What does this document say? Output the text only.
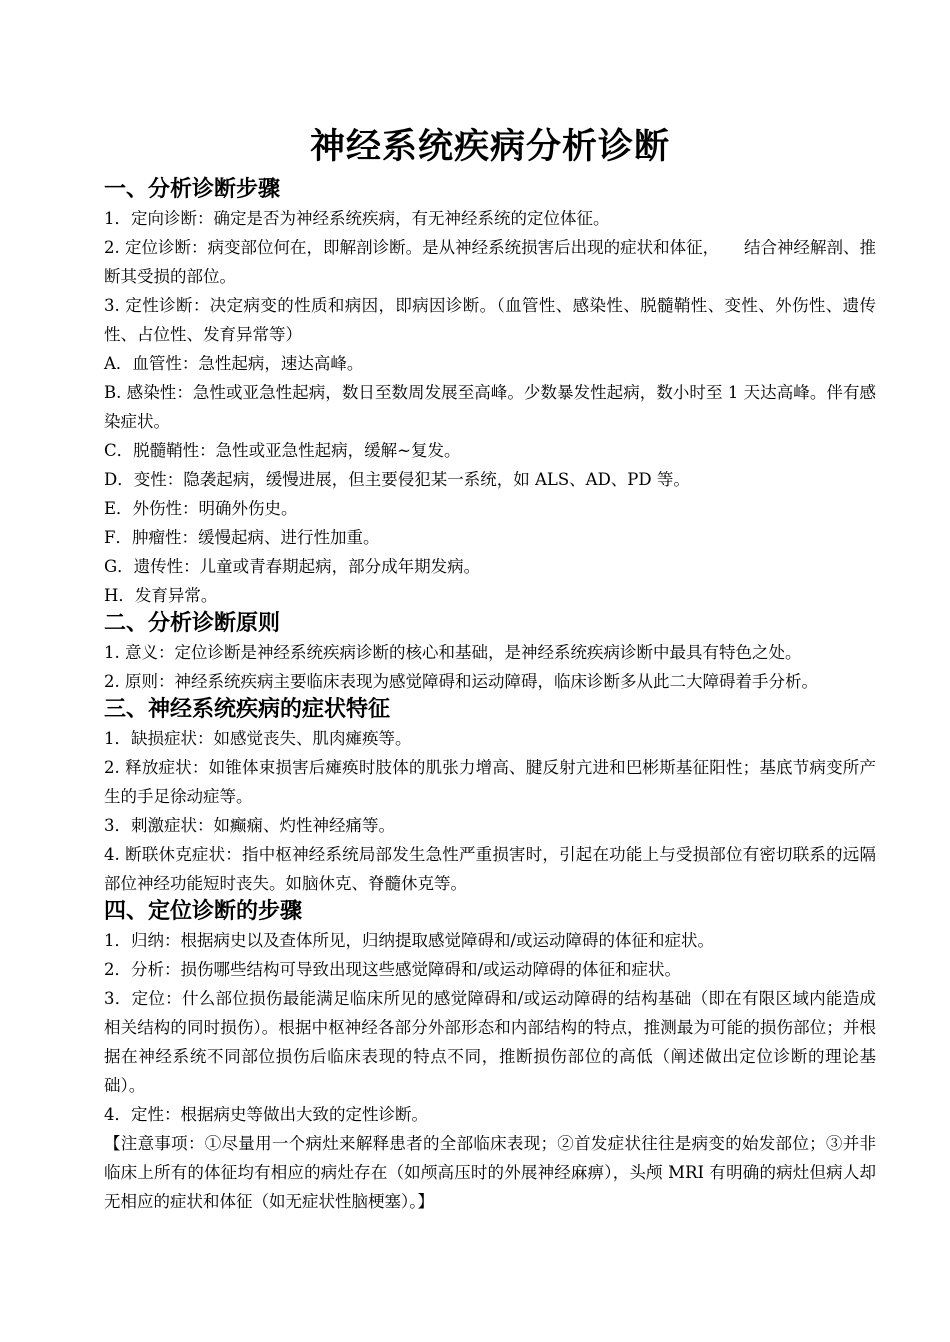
神经系统疾病分析诊断
一、分析诊断步骤

1．定向诊断：确定是否为神经系统疾病，有无神经系统的定位体征。

2. 定位诊断：病变部位何在，即解剖诊断。是从神经系统损害后出现的症状和体征，　　结合神经解剖、推断其受损的部位。

3. 定性诊断：决定病变的性质和病因，即病因诊断。（血管性、感染性、脱髓鞘性、变性、外伤性、遗传性、占位性、发育异常等）

A．血管性：急性起病，速达高峰。

B. 感染性：急性或亚急性起病，数日至数周发展至高峰。少数暴发性起病，数小时至 1 天达高峰。伴有感染症状。

C．脱髓鞘性：急性或亚急性起病，缓解~复发。

D．变性：隐袭起病，缓慢进展，但主要侵犯某一系统，如 ALS、AD、PD 等。

E．外伤性：明确外伤史。

F．肿瘤性：缓慢起病、进行性加重。

G．遗传性：儿童或青春期起病，部分成年期发病。

H．发育异常。

二、分析诊断原则

1. 意义：定位诊断是神经系统疾病诊断的核心和基础，是神经系统疾病诊断中最具有特色之处。

2. 原则：神经系统疾病主要临床表现为感觉障碍和运动障碍，临床诊断多从此二大障碍着手分析。

三、神经系统疾病的症状特征

1．缺损症状：如感觉丧失、肌肉瘫痪等。

2. 释放症状：如锥体束损害后瘫痪时肢体的肌张力增高、腱反射亢进和巴彬斯基征阳性；基底节病变所产生的手足徐动症等。

3．刺激症状：如癫痫、灼性神经痛等。

4. 断联休克症状：指中枢神经系统局部发生急性严重损害时，引起在功能上与受损部位有密切联系的远隔部位神经功能短时丧失。如脑休克、脊髓休克等。

四、定位诊断的步骤

1．归纳：根据病史以及查体所见，归纳提取感觉障碍和/或运动障碍的体征和症状。

2．分析：损伤哪些结构可导致出现这些感觉障碍和/或运动障碍的体征和症状。

3．定位：什么部位损伤最能满足临床所见的感觉障碍和/或运动障碍的结构基础（即在有限区域内能造成相关结构的同时损伤）。根据中枢神经各部分外部形态和内部结构的特点，推测最为可能的损伤部位；并根据在神经系统不同部位损伤后临床表现的特点不同，推断损伤部位的高低（阐述做出定位诊断的理论基础）。

4．定性：根据病史等做出大致的定性诊断。

【注意事项：①尽量用一个病灶来解释患者的全部临床表现；②首发症状往往是病变的始发部位；③并非临床上所有的体征均有相应的病灶存在（如颅高压时的外展神经麻痹），头颅 MRI 有明确的病灶但病人却无相应的症状和体征（如无症状性脑梗塞）。】
